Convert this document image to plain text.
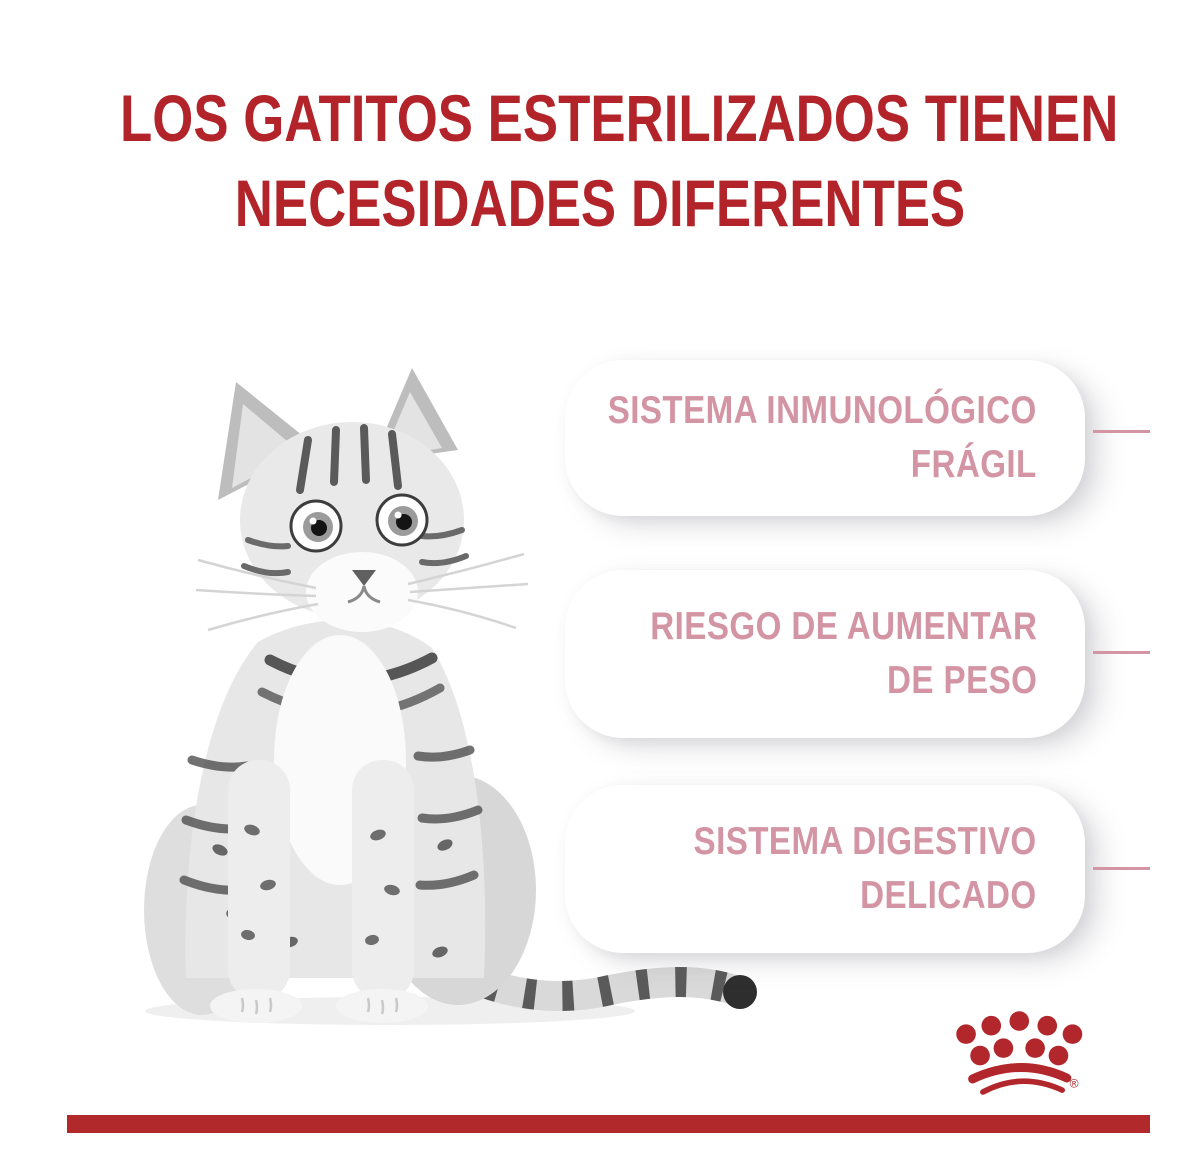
LOS GATITOS ESTERILIZADOS TIENEN
NECESIDADES DIFERENTES
SISTEMA INMUNOLÓGICO
FRÁGIL
RIESGO DE AUMENTAR
DE PESO
SISTEMA DIGESTIVO
DELICADO
®
